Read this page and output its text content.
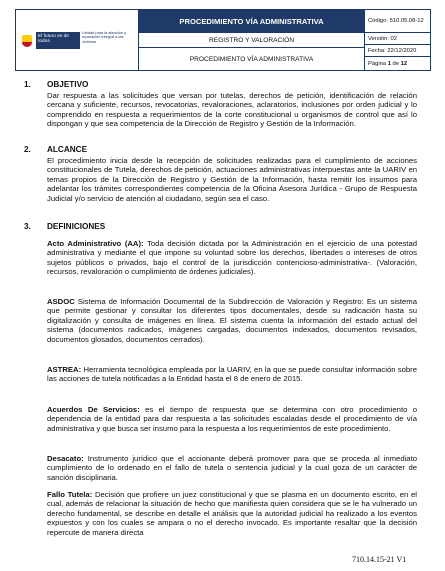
El futuro es de todos
Unidad para la atención y reparación integral a las víctimas
PROCEDIMIENTO VÍA ADMINISTRATIVA
REGISTRO Y VALORACIÓN
PROCEDIMIENTO VÍA ADMINISTRATIVA
Código: 510.05.08-12
Versión: 02
Fecha: 22/12/2020
Página
1
de
12
1. OBJETIVO
Dar respuesta a las solicitudes que versan por tutelas, derechos de petición, identificación de relación cercana y suficiente, recursos, revocatorias, revaloraciones, aclaratorios, inclusiones por orden judicial y lo comprendido en respuesta a requerimientos de la corte constitucional u organismos de control que así lo dispongan y que sea competencia de la Dirección de Registro y Gestión de la Información.
2. ALCANCE
El procedimiento inicia desde la recepción de solicitudes realizadas para el cumplimiento de acciones constitucionales de Tutela, derechos de petición, actuaciones administrativas interpuestas ante la UARIV en temas propios de la Dirección de Registro y Gestión de la Información, hasta remitir los insumos para adelantar los trámites correspondientes competencia de la Oficina Asesora Jurídica - Grupo de Respuesta Judicial y/o servicio de atención al ciudadano, según sea el caso.
3. DEFINICIONES
Acto Administrativo (AA): Toda decisión dictada por la Administración en el ejercicio de una potestad administrativa y mediante el que impone su voluntad sobre los derechos, libertades o intereses de otros sujetos públicos o privados, bajo el control de la jurisdicción contencioso-administrativa-. (Valoración, recursos, revaloración o cumplimiento de órdenes judiciales).
ASDOC Sistema de Información Documental de la Subdirección de Valoración y Registro: Es un sistema que permite gestionar y consultar los diferentes tipos documentales, desde su radicación hasta su digitalización y consulta de imágenes en línea. El sistema cuenta la información del estado actual del sistema (documentos radicados, imágenes cargadas, documentos indexados, documentos revisados, documentos glosados, documentos cerrados).
ASTREA: Herramienta tecnológica empleada por la UARIV, en la que se puede consultar información sobre las acciones de tutela notificadas a la Entidad hasta el 8 de enero de 2015.
Acuerdos De Servicios: es el tiempo de respuesta que se determina con otro procedimiento o dependencia de la entidad para dar respuesta a las solicitudes escaladas desde el procedimiento de vía administrativa y que busca ser insumo para la respuesta a los requerimientos de este procedimiento.
Desacato: Instrumento jurídico que el accionante deberá promover para que se proceda al inmediato cumplimiento de lo ordenado en el fallo de tutela o sentencia judicial y la cual goza de un carácter de sanción disciplinaria.
Fallo Tutela: Decisión que profiere un juez constitucional y que se plasma en un documento escrito, en el cual, además de relacionar la situación de hecho que manifiesta quien considera que se le ha vulnerado un derecho fundamental, se describe en detalle el análisis que la autoridad judicial ha realizado a los eventos expuestos y con los cuales se ampara o no el derecho invocado. Es importante resaltar que la decisión repercute de manera directa
710.14.15-21 V1
